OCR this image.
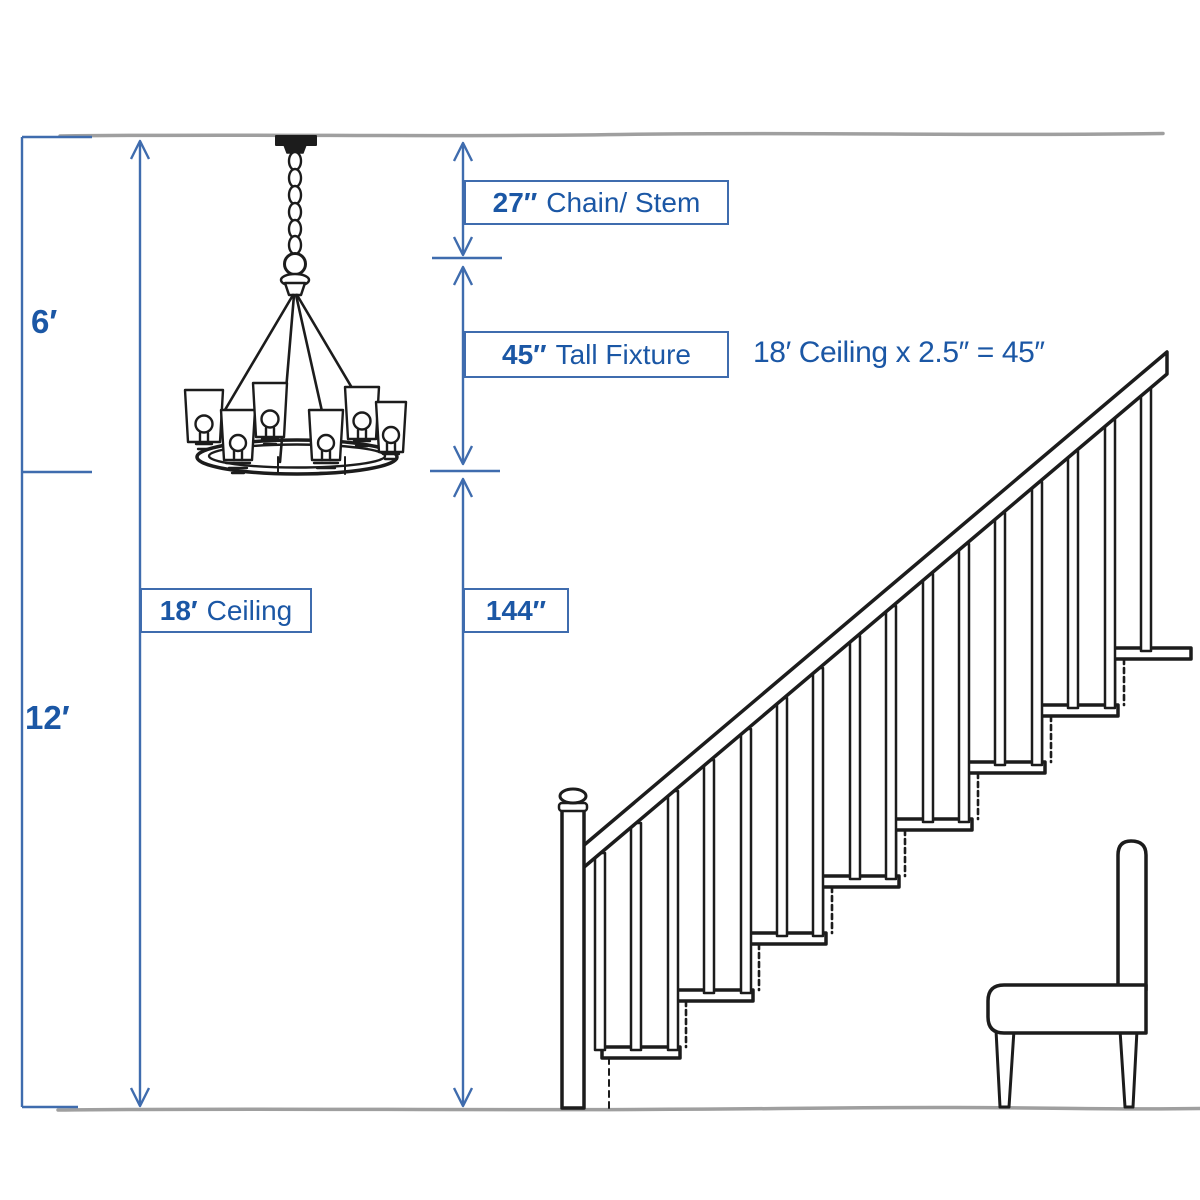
6′
12′
27″ Chain/ Stem
45″ Tall Fixture
18′ Ceiling	144″
18′ Ceiling x 2.5″ = 45″
